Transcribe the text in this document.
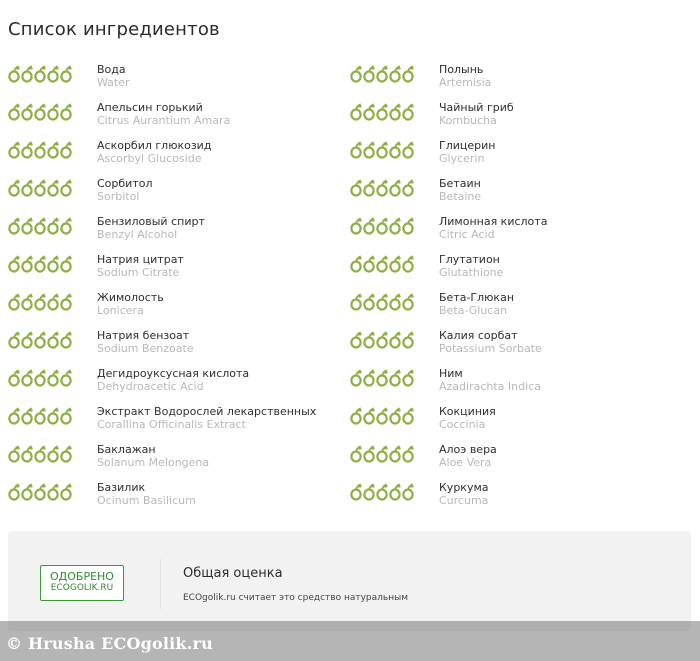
Список ингредиентов
Вода
Water
Апельсин горький
Citrus Aurantium Amara
Аскорбил глюкозид
Ascorbyl Glucoside
Сорбитол
Sorbitol
Бензиловый спирт
Benzyl Alcohol
Натрия цитрат
Sodium Citrate
Жимолость
Lonicera
Натрия бензоат
Sodium Benzoate
Дегидроуксусная кислота
Dehydroacetic Acid
Экстракт Водорослей лекарственных
Corallina Officinalis Extract
Баклажан
Solanum Melongena
Базилик
Ocinum Basilicum
Полынь
Artemisia
Чайный гриб
Kombucha
Глицерин
Glycerin
Бетаин
Betaine
Лимонная кислота
Citric Acid
Глутатион
Glutathione
Бета-Глюкан
Beta-Glucan
Калия сорбат
Potassium Sorbate
Ним
Azadirachta Indica
Кокциния
Coccinia
Алоэ вера
Aloe Vera
Куркума
Curcuma
ОДОБРЕНО
ECOGOLIK.RU
Общая оценка
ECOgolik.ru считает это средство натуральным
© Hrusha ECOgolik.ru
